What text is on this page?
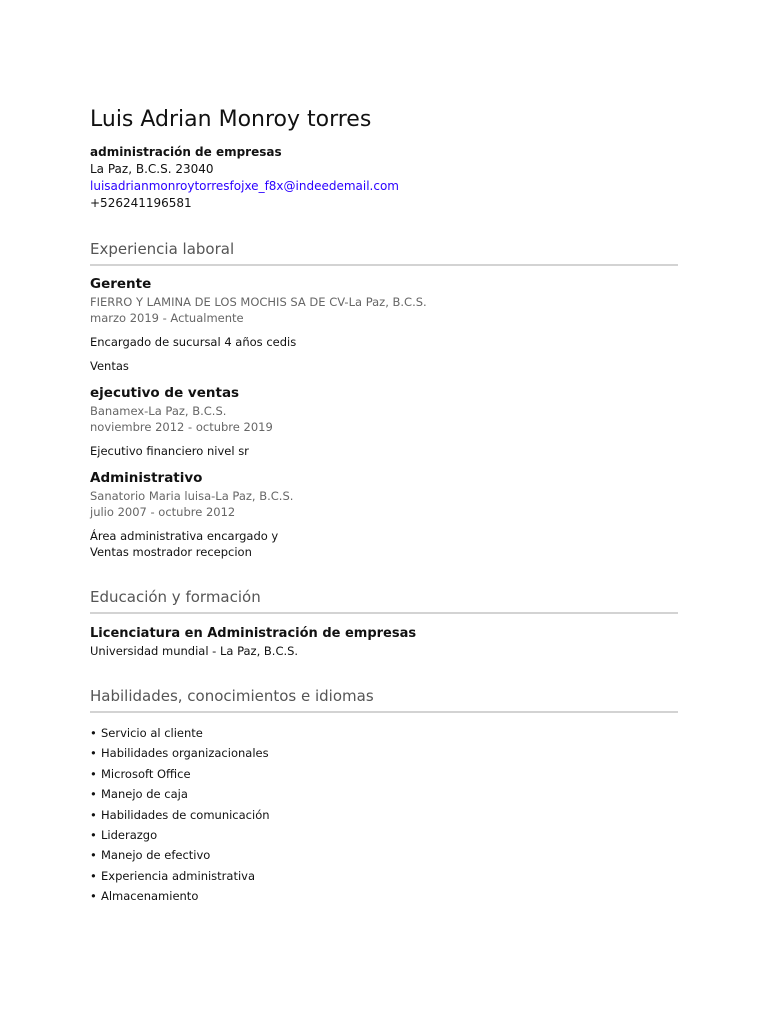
Luis Adrian Monroy torres
administración de empresas
La Paz, B.C.S. 23040
luisadrianmonroytorresfojxe_f8x@indeedemail.com
+526241196581
Experiencia laboral
Gerente
FIERRO Y LAMINA DE LOS MOCHIS SA DE CV-La Paz, B.C.S.
marzo 2019 - Actualmente

Encargado de sucursal 4 años cedis

Ventas

ejecutivo de ventas
Banamex-La Paz, B.C.S.
noviembre 2012 - octubre 2019

Ejecutivo financiero nivel sr

Administrativo
Sanatorio Maria luisa-La Paz, B.C.S.
julio 2007 - octubre 2012

Área administrativa encargado y

Ventas mostrador recepcion

Educación y formación
Licenciatura en Administración de empresas
Universidad mundial - La Paz, B.C.S.
Habilidades, conocimientos e idiomas
• Servicio al cliente
• Habilidades organizacionales
• Microsoft Office
• Manejo de caja
• Habilidades de comunicación
• Liderazgo
• Manejo de efectivo
• Experiencia administrativa
• Almacenamiento
